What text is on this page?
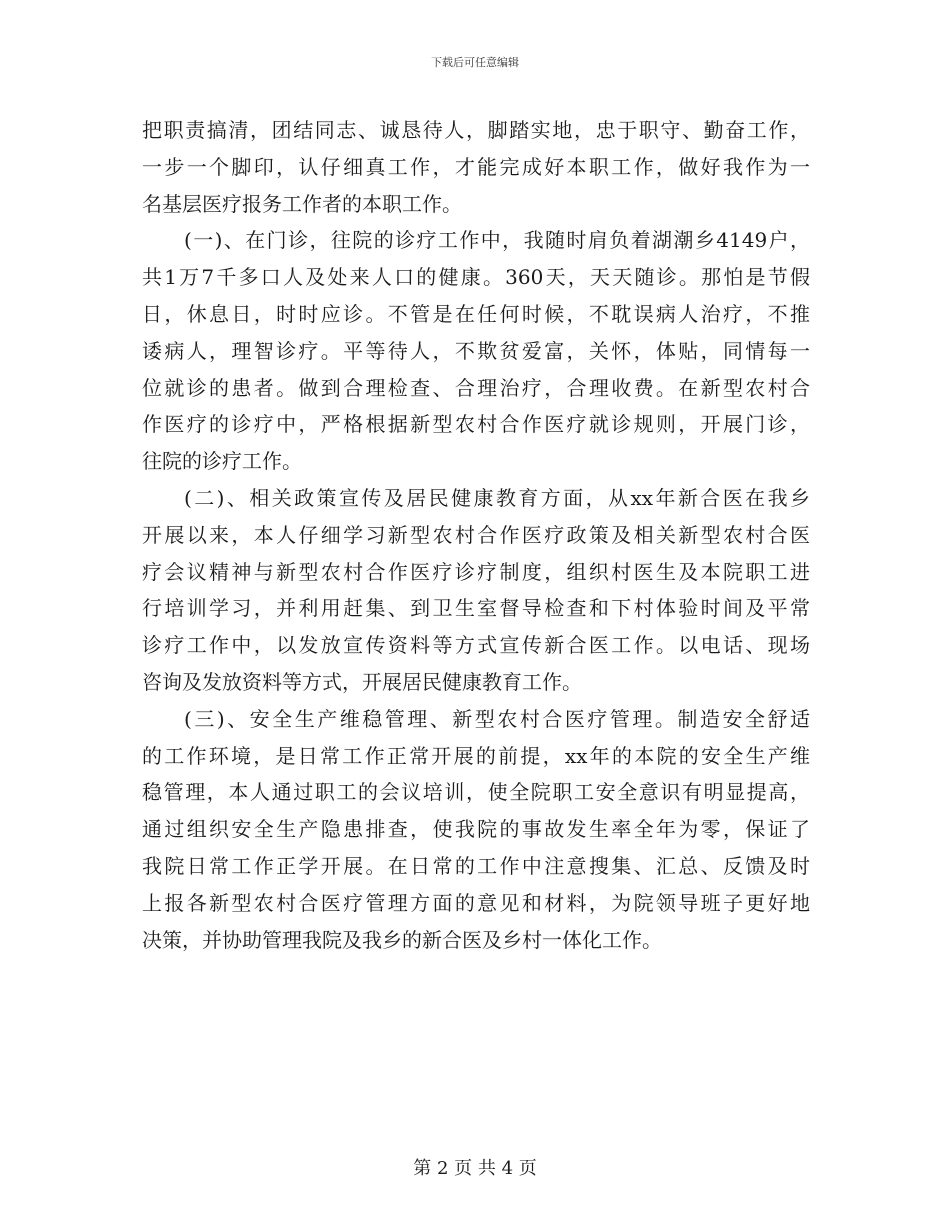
下载后可任意编辑
把职责搞清，团结同志、诚恳待人，脚踏实地，忠于职守、勤奋工作，
一步一个脚印，认仔细真工作，才能完成好本职工作，做好我作为一
名基层医疗报务工作者的本职工作。
(一)、在门诊，往院的诊疗工作中，我随时肩负着湖潮乡4149户，
共1万7千多口人及处来人口的健康。360天，天天随诊。那怕是节假
日，休息日，时时应诊。不管是在任何时候，不耽误病人治疗，不推
诿病人，理智诊疗。平等待人，不欺贫爱富，关怀，体贴，同情每一
位就诊的患者。做到合理检查、合理治疗，合理收费。在新型农村合
作医疗的诊疗中，严格根据新型农村合作医疗就诊规则，开展门诊，
往院的诊疗工作。
(二)、相关政策宣传及居民健康教育方面，从xx年新合医在我乡
开展以来，本人仔细学习新型农村合作医疗政策及相关新型农村合医
疗会议精神与新型农村合作医疗诊疗制度，组织村医生及本院职工进
行培训学习，并利用赶集、到卫生室督导检查和下村体验时间及平常
诊疗工作中，以发放宣传资料等方式宣传新合医工作。以电话、现场
咨询及发放资料等方式，开展居民健康教育工作。
(三)、安全生产维稳管理、新型农村合医疗管理。制造安全舒适
的工作环境，是日常工作正常开展的前提，xx年的本院的安全生产维
稳管理，本人通过职工的会议培训，使全院职工安全意识有明显提高，
通过组织安全生产隐患排查，使我院的事故发生率全年为零，保证了
我院日常工作正学开展。在日常的工作中注意搜集、汇总、反馈及时
上报各新型农村合医疗管理方面的意见和材料，为院领导班子更好地
决策，并协助管理我院及我乡的新合医及乡村一体化工作。
第 2 页 共 4 页
